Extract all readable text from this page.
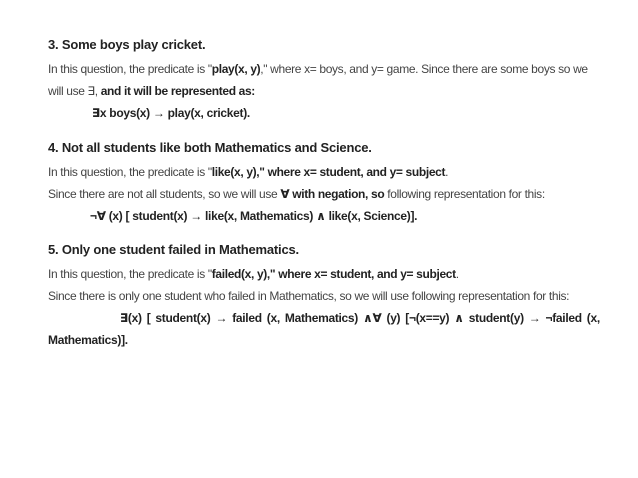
3. Some boys play cricket.

In this question, the predicate is "play(x, y)," where x= boys, and y= game. Since there are some boys so we

will use ∃, and it will be represented as:

∃x boys(x) → play(x, cricket).

4. Not all students like both Mathematics and Science.

In this question, the predicate is "like(x, y)," where x= student, and y= subject.

Since there are not all students, so we will use ∀ with negation, so following representation for this:

¬∀ (x) [ student(x) → like(x, Mathematics) ∧ like(x, Science)].

5. Only one student failed in Mathematics.

In this question, the predicate is "failed(x, y)," where x= student, and y= subject.

Since there is only one student who failed in Mathematics, so we will use following representation for this:

∃(x) [ student(x) → failed (x, Mathematics) ∧∀ (y) [¬(x==y) ∧ student(y) → ¬failed (x,

Mathematics)].
